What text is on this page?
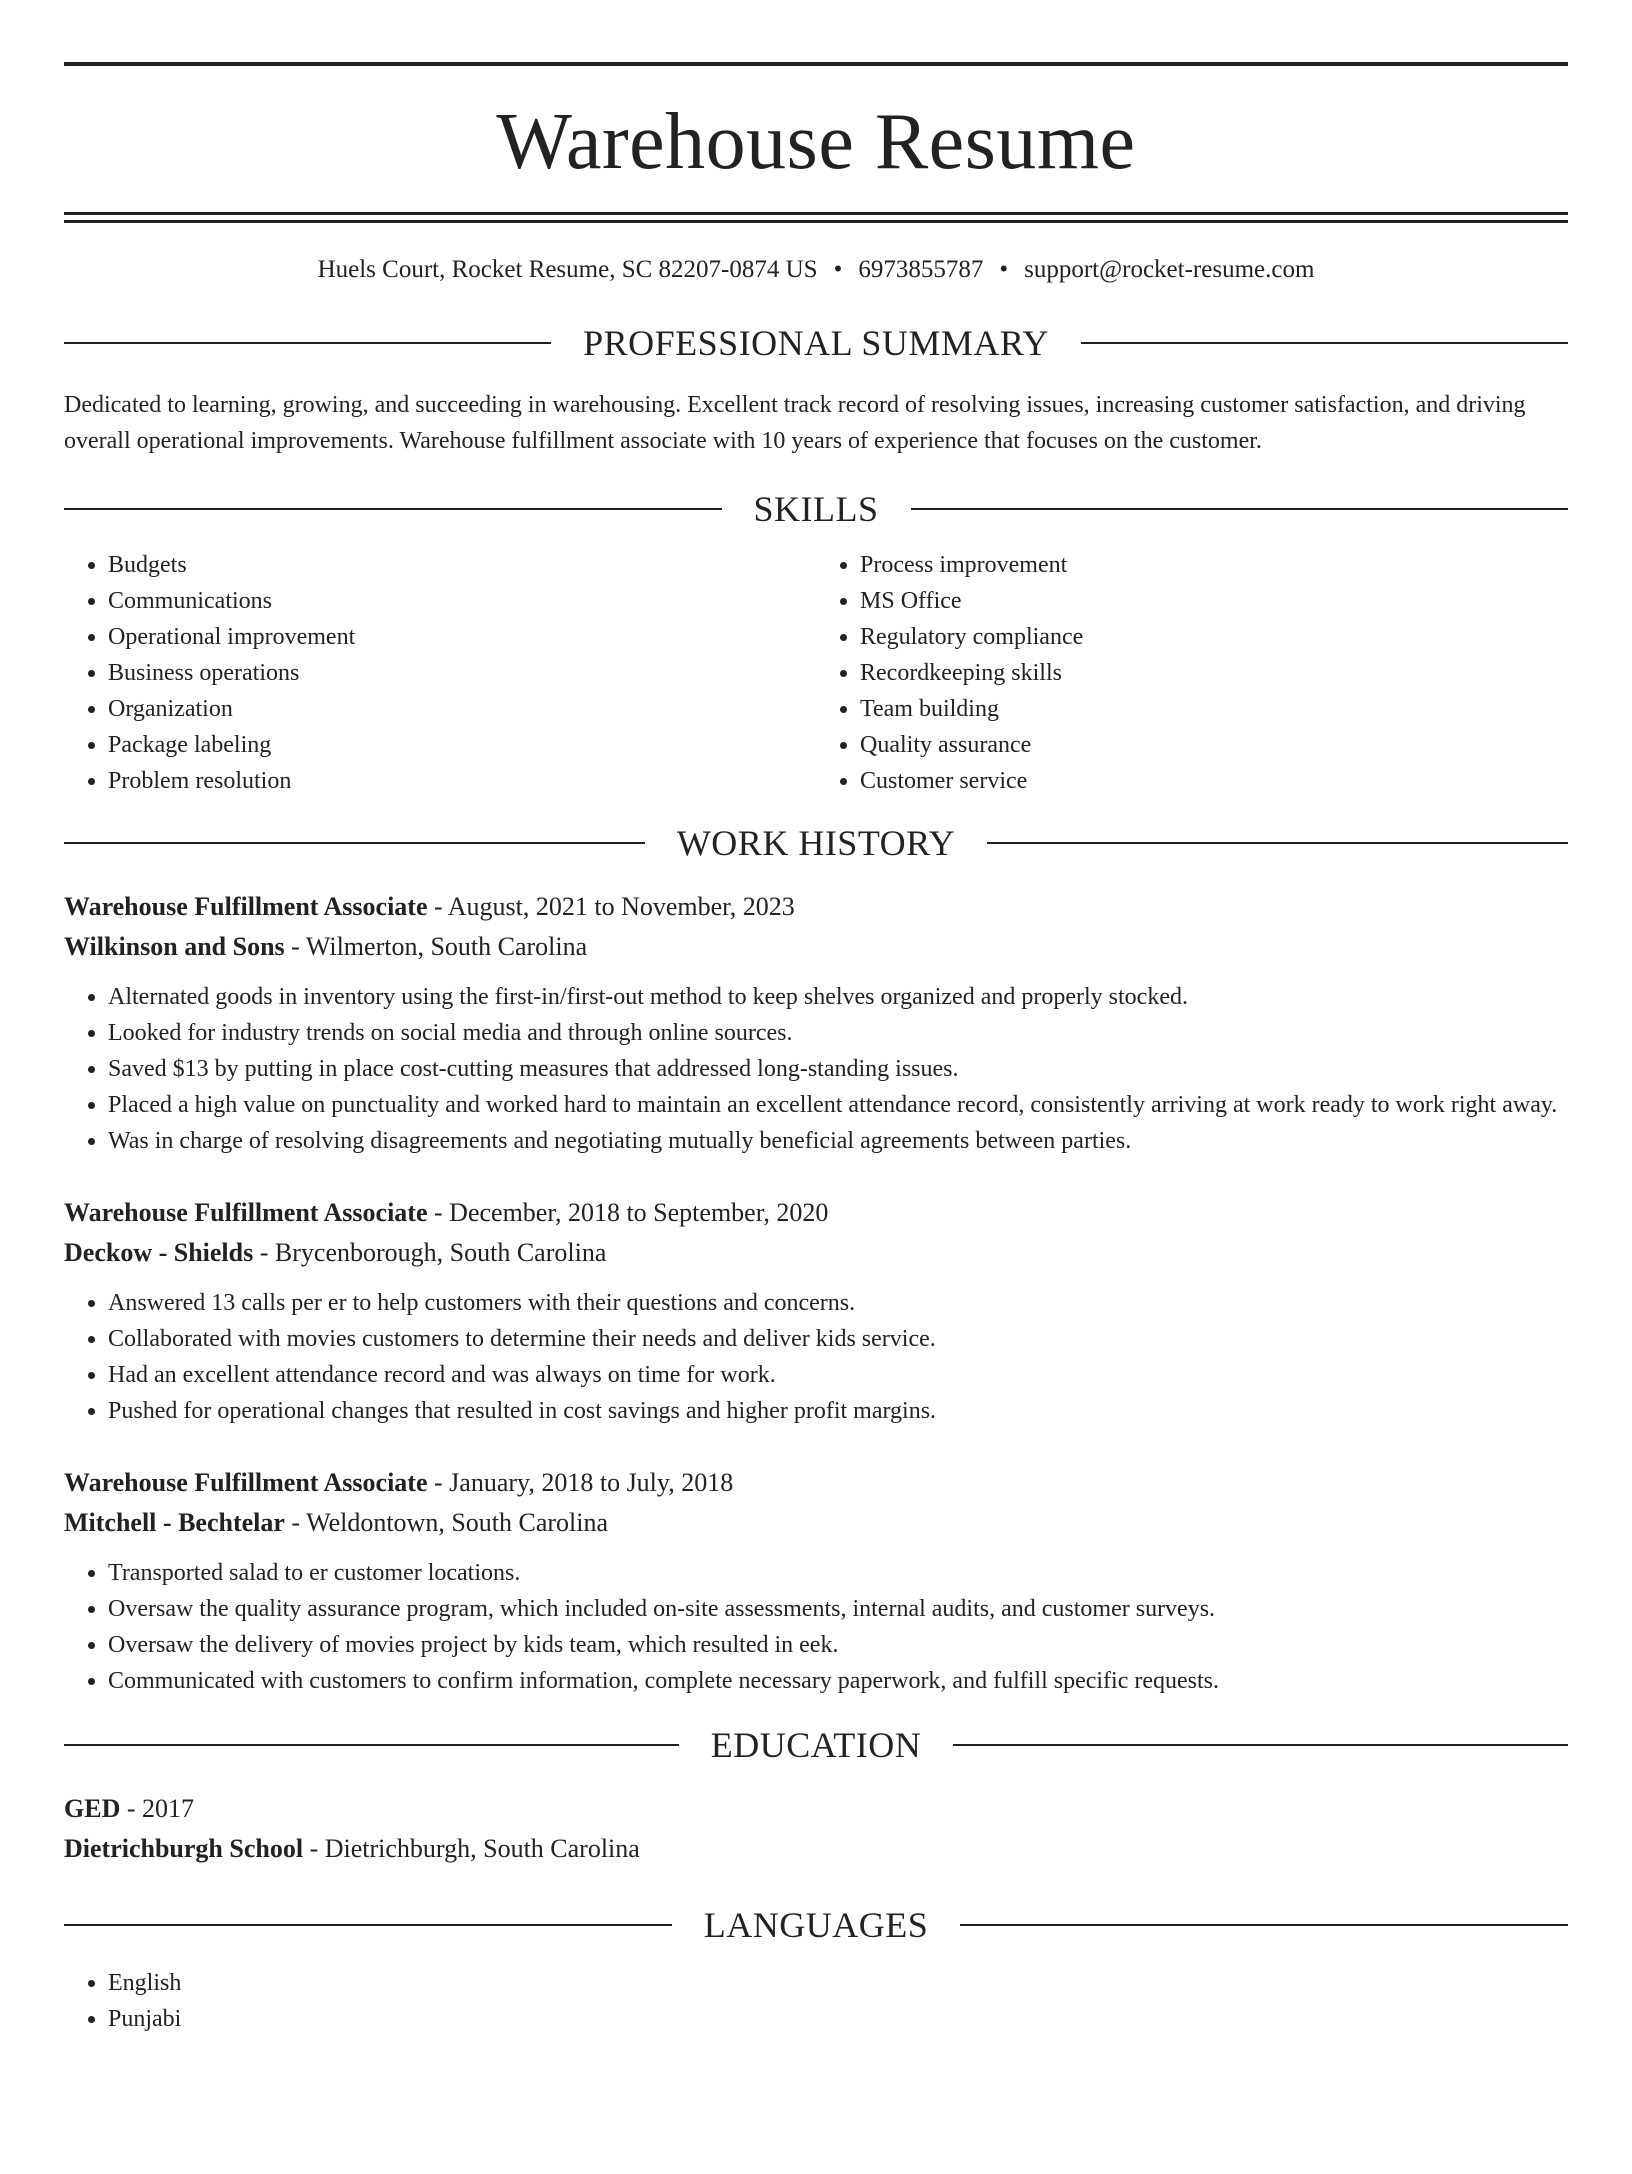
Warehouse Resume
Huels Court, Rocket Resume, SC 82207-0874 US • 6973855787 • support@rocket-resume.com
PROFESSIONAL SUMMARY
Dedicated to learning, growing, and succeeding in warehousing. Excellent track record of resolving issues, increasing customer satisfaction, and driving overall operational improvements. Warehouse fulfillment associate with 10 years of experience that focuses on the customer.
SKILLS
• Budgets
• Communications
• Operational improvement
• Business operations
• Organization
• Package labeling
• Problem resolution
• Process improvement
• MS Office
• Regulatory compliance
• Recordkeeping skills
• Team building
• Quality assurance
• Customer service
WORK HISTORY
Warehouse Fulfillment Associate - August, 2021 to November, 2023
Wilkinson and Sons - Wilmerton, South Carolina
• Alternated goods in inventory using the first-in/first-out method to keep shelves organized and properly stocked.
• Looked for industry trends on social media and through online sources.
• Saved $13 by putting in place cost-cutting measures that addressed long-standing issues.
• Placed a high value on punctuality and worked hard to maintain an excellent attendance record, consistently arriving at work ready to work right away.
• Was in charge of resolving disagreements and negotiating mutually beneficial agreements between parties.
Warehouse Fulfillment Associate - December, 2018 to September, 2020
Deckow - Shields - Brycenborough, South Carolina
• Answered 13 calls per er to help customers with their questions and concerns.
• Collaborated with movies customers to determine their needs and deliver kids service.
• Had an excellent attendance record and was always on time for work.
• Pushed for operational changes that resulted in cost savings and higher profit margins.
Warehouse Fulfillment Associate - January, 2018 to July, 2018
Mitchell - Bechtelar - Weldontown, South Carolina
• Transported salad to er customer locations.
• Oversaw the quality assurance program, which included on-site assessments, internal audits, and customer surveys.
• Oversaw the delivery of movies project by kids team, which resulted in eek.
• Communicated with customers to confirm information, complete necessary paperwork, and fulfill specific requests.
EDUCATION
GED - 2017
Dietrichburgh School - Dietrichburgh, South Carolina
LANGUAGES
• English
• Punjabi
